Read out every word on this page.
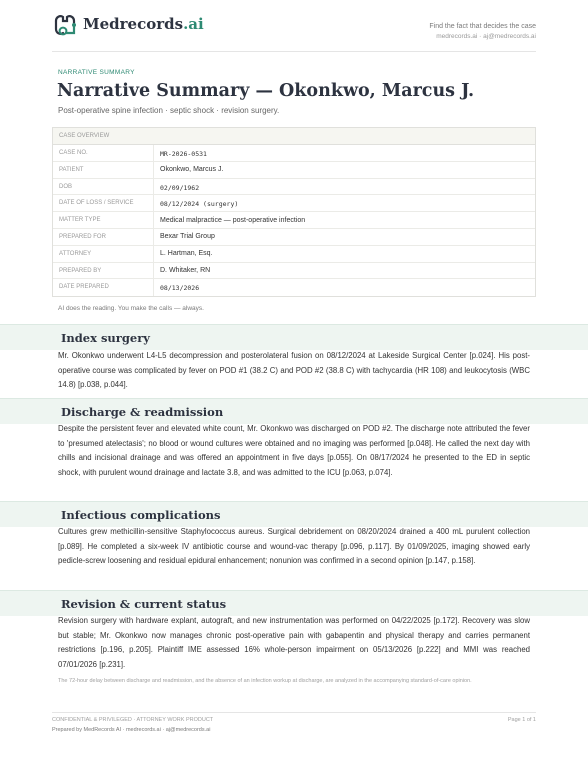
Medrecords.ai	Find the fact that decides the case
medrecords.ai · aj@medrecords.ai
NARRATIVE SUMMARY
Narrative Summary — Okonkwo, Marcus J.
Post-operative spine infection · septic shock · revision surgery.
CASE OVERVIEW
CASE NO.	MR-2026-0531
PATIENT	Okonkwo, Marcus J.
DOB	02/09/1962
DATE OF LOSS / SERVICE	08/12/2024 (surgery)
MATTER TYPE	Medical malpractice — post-operative infection
PREPARED FOR	Bexar Trial Group
ATTORNEY	L. Hartman, Esq.
PREPARED BY	D. Whitaker, RN
DATE PREPARED	08/13/2026
AI does the reading. You make the calls — always.
Index surgery
Mr. Okonkwo underwent L4-L5 decompression and posterolateral fusion on 08/12/2024 at Lakeside Surgical Center [p.024]. His post-operative course was complicated by fever on POD #1 (38.2 C) and POD #2 (38.8 C) with tachycardia (HR 108) and leukocytosis (WBC 14.8) [p.038, p.044].
Discharge & readmission
Despite the persistent fever and elevated white count, Mr. Okonkwo was discharged on POD #2. The discharge note attributed the fever to 'presumed atelectasis'; no blood or wound cultures were obtained and no imaging was performed [p.048]. He called the next day with chills and incisional drainage and was offered an appointment in five days [p.055]. On 08/17/2024 he presented to the ED in septic shock, with purulent wound drainage and lactate 3.8, and was admitted to the ICU [p.063, p.074].
Infectious complications
Cultures grew methicillin-sensitive Staphylococcus aureus. Surgical debridement on 08/20/2024 drained a 400 mL purulent collection [p.089]. He completed a six-week IV antibiotic course and wound-vac therapy [p.096, p.117]. By 01/09/2025, imaging showed early pedicle-screw loosening and residual epidural enhancement; nonunion was confirmed in a second opinion [p.147, p.158].
Revision & current status
Revision surgery with hardware explant, autograft, and new instrumentation was performed on 04/22/2025 [p.172]. Recovery was slow but stable; Mr. Okonkwo now manages chronic post-operative pain with gabapentin and physical therapy and carries permanent restrictions [p.196, p.205]. Plaintiff IME assessed 16% whole-person impairment on 05/13/2026 [p.222] and MMI was reached 07/01/2026 [p.231].
The 72-hour delay between discharge and readmission, and the absence of an infection workup at discharge, are analyzed in the accompanying standard-of-care opinion.
CONFIDENTIAL & PRIVILEGED · ATTORNEY WORK PRODUCT
Prepared by MedRecords AI · medrecords.ai · aj@medrecords.ai
Page 1 of 1
